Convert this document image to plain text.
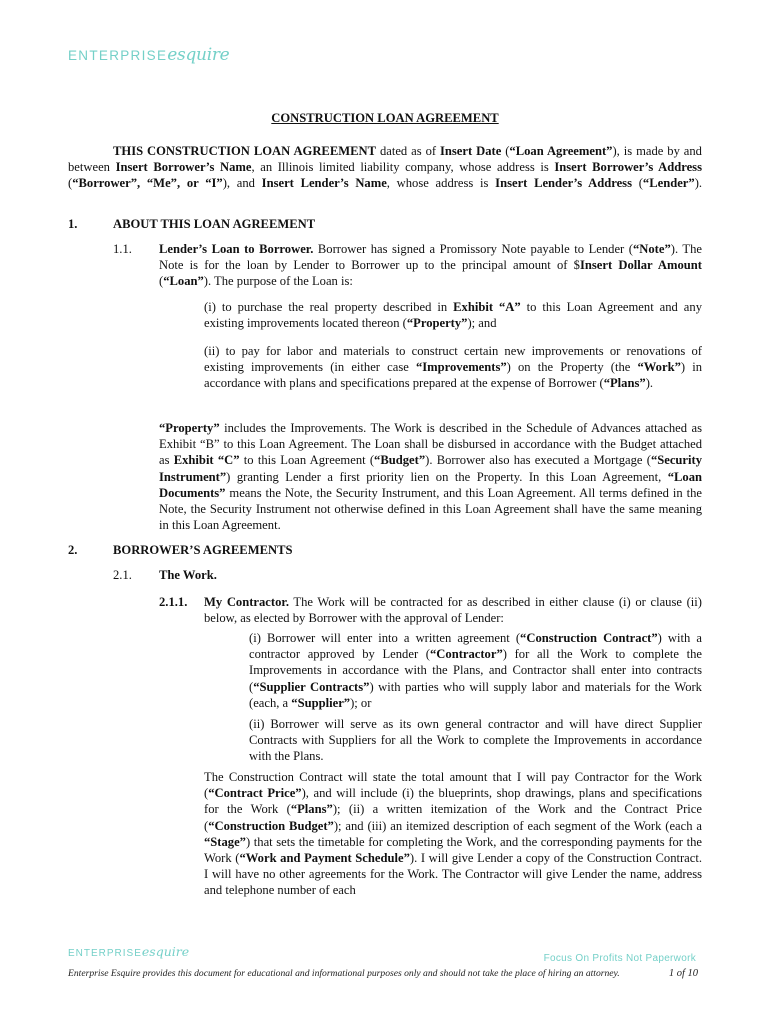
ENTERPRISEesquire
CONSTRUCTION LOAN AGREEMENT
THIS CONSTRUCTION LOAN AGREEMENT dated as of Insert Date (“Loan Agreement”), is made by and between Insert Borrower’s Name, an Illinois limited liability company, whose address is Insert Borrower’s Address (“Borrower”, “Me”, or “I”), and Insert Lender’s Name, whose address is Insert Lender’s Address (“Lender”).
1.	ABOUT THIS LOAN AGREEMENT
1.1. Lender’s Loan to Borrower. Borrower has signed a Promissory Note payable to Lender (“Note”). The Note is for the loan by Lender to Borrower up to the principal amount of $Insert Dollar Amount (“Loan”). The purpose of the Loan is:
(i) to purchase the real property described in Exhibit “A” to this Loan Agreement and any existing improvements located thereon (“Property”); and
(ii) to pay for labor and materials to construct certain new improvements or renovations of existing improvements (in either case “Improvements”) on the Property (the “Work”) in accordance with plans and specifications prepared at the expense of Borrower (“Plans”).
“Property” includes the Improvements. The Work is described in the Schedule of Advances attached as Exhibit “B” to this Loan Agreement. The Loan shall be disbursed in accordance with the Budget attached as Exhibit “C” to this Loan Agreement (“Budget”). Borrower also has executed a Mortgage (“Security Instrument”) granting Lender a first priority lien on the Property. In this Loan Agreement, “Loan Documents” means the Note, the Security Instrument, and this Loan Agreement. All terms defined in the Note, the Security Instrument not otherwise defined in this Loan Agreement shall have the same meaning in this Loan Agreement.
2.	BORROWER’S AGREEMENTS
2.1. The Work.
2.1.1. My Contractor. The Work will be contracted for as described in either clause (i) or clause (ii) below, as elected by Borrower with the approval of Lender:
(i) Borrower will enter into a written agreement (“Construction Contract”) with a contractor approved by Lender (“Contractor”) for all the Work to complete the Improvements in accordance with the Plans, and Contractor shall enter into contracts (“Supplier Contracts”) with parties who will supply labor and materials for the Work (each, a “Supplier”); or
(ii) Borrower will serve as its own general contractor and will have direct Supplier Contracts with Suppliers for all the Work to complete the Improvements in accordance with the Plans.
The Construction Contract will state the total amount that I will pay Contractor for the Work (“Contract Price”), and will include (i) the blueprints, shop drawings, plans and specifications for the Work (“Plans”); (ii) a written itemization of the Work and the Contract Price (“Construction Budget”); and (iii) an itemized description of each segment of the Work (each a “Stage”) that sets the timetable for completing the Work, and the corresponding payments for the Work (“Work and Payment Schedule”). I will give Lender a copy of the Construction Contract. I will have no other agreements for the Work. The Contractor will give Lender the name, address and telephone number of each
ENTERPRISEesquire	Focus On Profits Not Paperwork
Enterprise Esquire provides this document for educational and informational purposes only and should not take the place of hiring an attorney.	1 of 10
